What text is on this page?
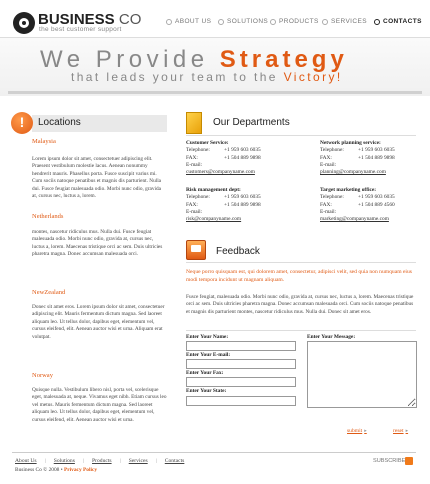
BUSINESS CO
the best customer support
ABOUT US SOLUTIONS PRODUCTS SERVICES CONTACTS
We Provide Strategy
that leads your team to the Victory!
!	Locations
Malaysia
Lorem ipsum dolor sit amet, consectetuer adipiscing elit. Praesent vestibulum molestie lacus. Aenean nonummy hendrerit mauris. Phasellus porta. Fusce suscipit varius mi. Cum sociis natoque penatibus et magnis dis parturient. Nulla dui. Fusce feugiat malesuada odio. Morbi nunc odio, gravida at, cursus nec, luctus a, lorem.
Netherlands
montes, nascetur ridiculus mus. Nulla dui. Fusce feugiat malesuada odio. Morbi nunc odio, gravida at, cursus nec, luctus a, lorem. Maecenas tristique orci ac sem. Duis ultricies pharetra magna. Donec accumsan malesuada orci.
NewZealand
Donec sit amet eros. Lorem ipsum dolor sit amet, consectetuer adipiscing elit. Mauris fermentum dictum magna. Sed laoreet aliquam leo. Ut tellus dolor, dapibus eget, elementum vel, cursus eleifend, elit. Aenean auctor wisi et urna. Aliquam erat volutpat.
Norway
Quisque nulla. Vestibulum libero nisl, porta vel, scelerisque eget, malesuada at, neque. Vivamus eget nibh. Etiam cursus leo vel metus. Mauris fermentum dictum magna. Sed laoreet aliquam leo. Ut tellus dolor, dapibus eget, elementum vel, cursus eleifend, elit. Aenean auctor wisi et urna.
Our Departments
Customer Service:
Telephone:	+1 959 603 6035
FAX:	+1 504 889 9898
E-mail:
customers@companyname.com
Network planning service:
Telephone:	+1 959 603 6035
FAX:	+1 504 889 9898
E-mail:
planning@companyname.com
Risk management dept:
Telephone:	+1 959 603 6035
FAX:	+1 504 889 9898
E-mail:
risk@companyname.com
Target marketing office:
Telephone:	+1 959 603 6035
FAX:	+1 504 889 4560
E-mail:
marketing@companyname.com
Feedback
Neque porro quisquam est, qui dolorem amet, consectetur, adipisci velit, sed quia non numquam eius modi tempora incidunt ut magnam aliquam.
Fusce feugiat, malesuada odio. Morbi nunc odio, gravida at, cursus nec, luctus a, lorem. Maecenas tristique orci ac sem. Duis ultricies pharetra magna. Donec accumsan malesuada orci. Cum sociis natoque penatibus et magnis dis parturient montes, nascetur ridiculus mus. Nulla dui. Donec sit amet eros.
Enter Your Name:
Enter Your E-mail:
Enter Your Fax:
Enter Your State:
Enter Your Message:
submit ▸	reset ▸
About Us | Solutions | Products | Services | Contacts
Business Co © 2008 • Privacy Policy
SUBSCRIBE
